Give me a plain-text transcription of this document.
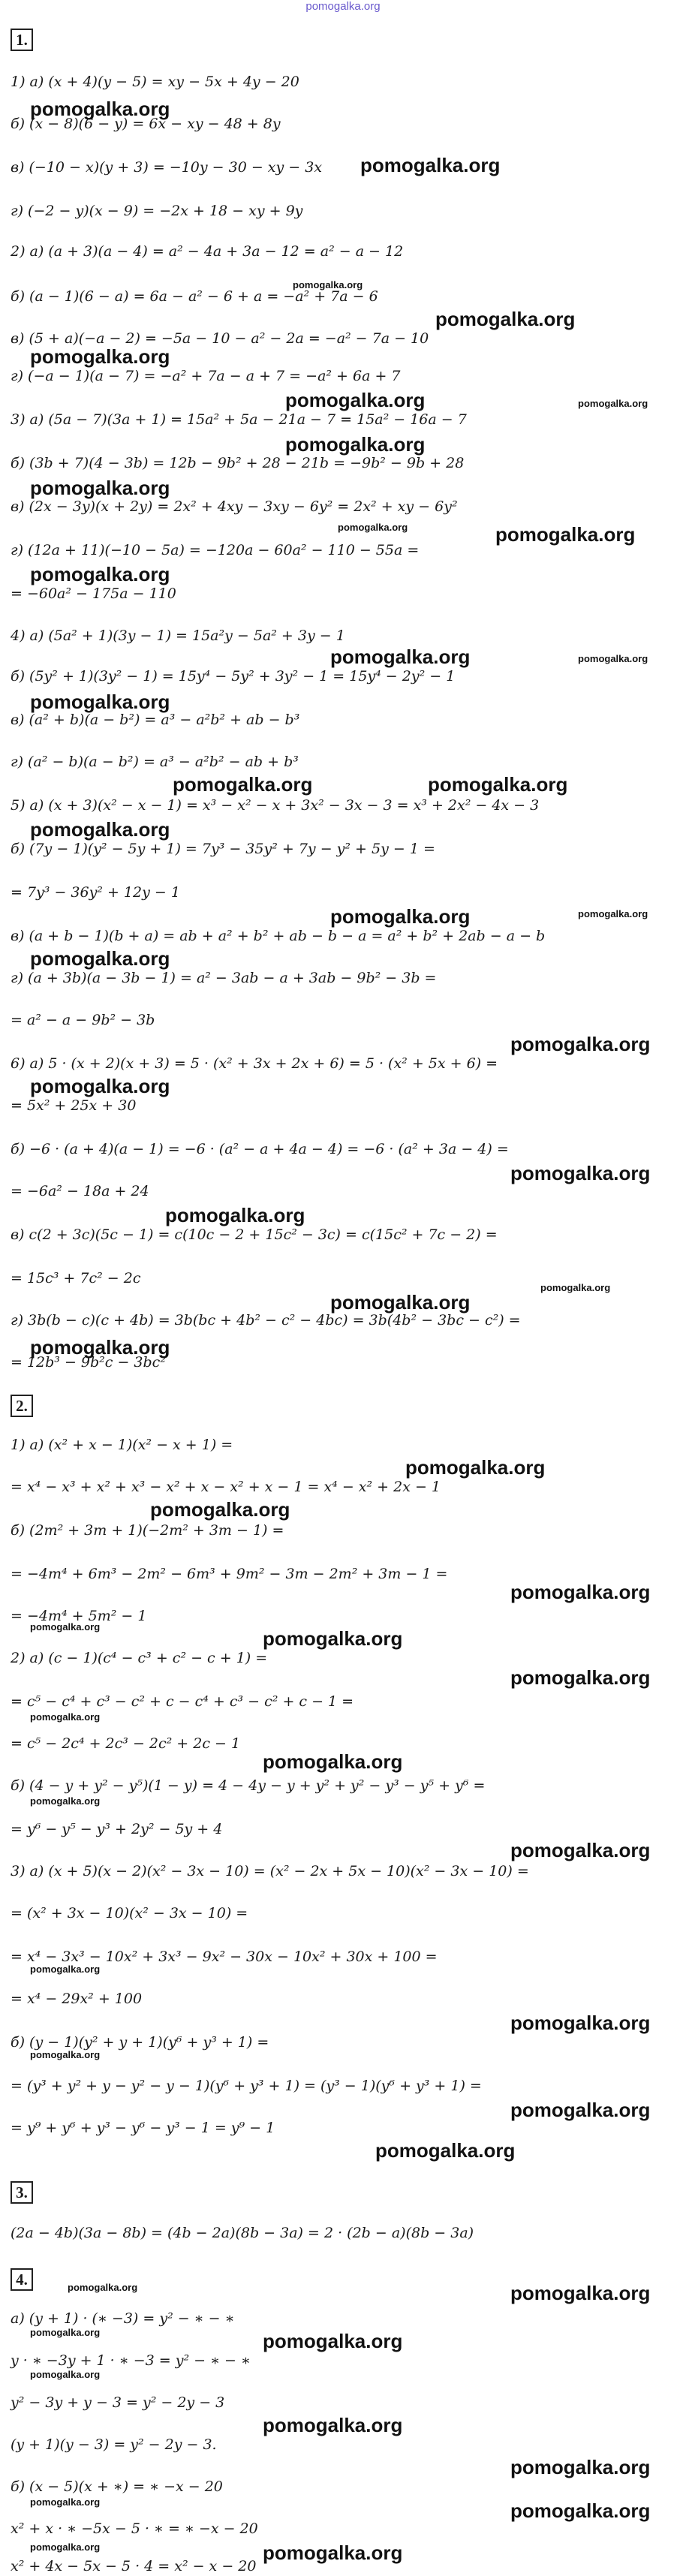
pomogalka.org
1.
2.
3.
4.
1) а) (x + 4)(y − 5) = xy − 5x + 4y − 20
б) (x − 8)(6 − y) = 6x − xy − 48 + 8y
в) (−10 − x)(y + 3) = −10y − 30 − xy − 3x
г) (−2 − y)(x − 9) = −2x + 18 − xy + 9y
2) а) (a + 3)(a − 4) = a² − 4a + 3a − 12 = a² − a − 12
б) (a − 1)(6 − a) = 6a − a² − 6 + a = −a² + 7a − 6
в) (5 + a)(−a − 2) = −5a − 10 − a² − 2a = −a² − 7a − 10
г) (−a − 1)(a − 7) = −a² + 7a − a + 7 = −a² + 6a + 7
3) а) (5a − 7)(3a + 1) = 15a² + 5a − 21a − 7 = 15a² − 16a − 7
б) (3b + 7)(4 − 3b) = 12b − 9b² + 28 − 21b = −9b² − 9b + 28
в) (2x − 3y)(x + 2y) = 2x² + 4xy − 3xy − 6y² = 2x² + xy − 6y²
г) (12a + 11)(−10 − 5a) = −120a − 60a² − 110 − 55a =
= −60a² − 175a − 110
4) а) (5a² + 1)(3y − 1) = 15a²y − 5a² + 3y − 1
б) (5y² + 1)(3y² − 1) = 15y⁴ − 5y² + 3y² − 1 = 15y⁴ − 2y² − 1
в) (a² + b)(a − b²) = a³ − a²b² + ab − b³
г) (a² − b)(a − b²) = a³ − a²b² − ab + b³
5) а) (x + 3)(x² − x − 1) = x³ − x² − x + 3x² − 3x − 3 = x³ + 2x² − 4x − 3
б) (7y − 1)(y² − 5y + 1) = 7y³ − 35y² + 7y − y² + 5y − 1 =
= 7y³ − 36y² + 12y − 1
в) (a + b − 1)(b + a) = ab + a² + b² + ab − b − a = a² + b² + 2ab − a − b
г) (a + 3b)(a − 3b − 1) = a² − 3ab − a + 3ab − 9b² − 3b =
= a² − a − 9b² − 3b
6) а) 5 · (x + 2)(x + 3) = 5 · (x² + 3x + 2x + 6) = 5 · (x² + 5x + 6) =
= 5x² + 25x + 30
б) −6 · (a + 4)(a − 1) = −6 · (a² − a + 4a − 4) = −6 · (a² + 3a − 4) =
= −6a² − 18a + 24
в) c(2 + 3c)(5c − 1) = c(10c − 2 + 15c² − 3c) = c(15c² + 7c − 2) =
= 15c³ + 7c² − 2c
г) 3b(b − c)(c + 4b) = 3b(bc + 4b² − c² − 4bc) = 3b(4b² − 3bc − c²) =
= 12b³ − 9b²c − 3bc²
1) а) (x² + x − 1)(x² − x + 1) =
= x⁴ − x³ + x² + x³ − x² + x − x² + x − 1 = x⁴ − x² + 2x − 1
б) (2m² + 3m + 1)(−2m² + 3m − 1) =
= −4m⁴ + 6m³ − 2m² − 6m³ + 9m² − 3m − 2m² + 3m − 1 =
= −4m⁴ + 5m² − 1
2) а) (c − 1)(c⁴ − c³ + c² − c + 1) =
= c⁵ − c⁴ + c³ − c² + c − c⁴ + c³ − c² + c − 1 =
= c⁵ − 2c⁴ + 2c³ − 2c² + 2c − 1
б) (4 − y + y² − y⁵)(1 − y) = 4 − 4y − y + y² + y² − y³ − y⁵ + y⁶ =
= y⁶ − y⁵ − y³ + 2y² − 5y + 4
3) а) (x + 5)(x − 2)(x² − 3x − 10) = (x² − 2x + 5x − 10)(x² − 3x − 10) =
= (x² + 3x − 10)(x² − 3x − 10) =
= x⁴ − 3x³ − 10x² + 3x³ − 9x² − 30x − 10x² + 30x + 100 =
= x⁴ − 29x² + 100
б) (y − 1)(y² + y + 1)(y⁶ + y³ + 1) =
= (y³ + y² + y − y² − y − 1)(y⁶ + y³ + 1) = (y³ − 1)(y⁶ + y³ + 1) =
= y⁹ + y⁶ + y³ − y⁶ − y³ − 1 = y⁹ − 1
(2a − 4b)(3a − 8b) = (4b − 2a)(8b − 3a) = 2 · (2b − a)(8b − 3a)
а) (y + 1) · (∗ −3) = y² − ∗ − ∗
y · ∗ −3y + 1 · ∗ −3 = y² − ∗ − ∗
y² − 3y + y − 3 = y² − 2y − 3
(y + 1)(y − 3) = y² − 2y − 3.
б) (x − 5)(x + ∗) = ∗ −x − 20
x² + x · ∗ −5x − 5 · ∗ = ∗ −x − 20
x² + 4x − 5x − 5 · 4 = x² − x − 20
pomogalka.org
pomogalka.org
pomogalka.org
pomogalka.org
pomogalka.org
pomogalka.org	pomogalka.org
pomogalka.org
pomogalka.org
pomogalka.org	pomogalka.org
pomogalka.org
pomogalka.org	pomogalka.org
pomogalka.org
pomogalka.org	pomogalka.org
pomogalka.org
pomogalka.org	pomogalka.org
pomogalka.org
pomogalka.org
pomogalka.org
pomogalka.org
pomogalka.org
pomogalka.org
pomogalka.org
pomogalka.org
pomogalka.org
pomogalka.org
pomogalka.org
pomogalka.org
pomogalka.org
pomogalka.org
pomogalka.org
pomogalka.org
pomogalka.org
pomogalka.org
pomogalka.org
pomogalka.org
pomogalka.org
pomogalka.org
pomogalka.org
pomogalka.org	pomogalka.org
pomogalka.org	pomogalka.org
pomogalka.org
pomogalka.org
pomogalka.org
pomogalka.org	pomogalka.org
pomogalka.org	pomogalka.org
